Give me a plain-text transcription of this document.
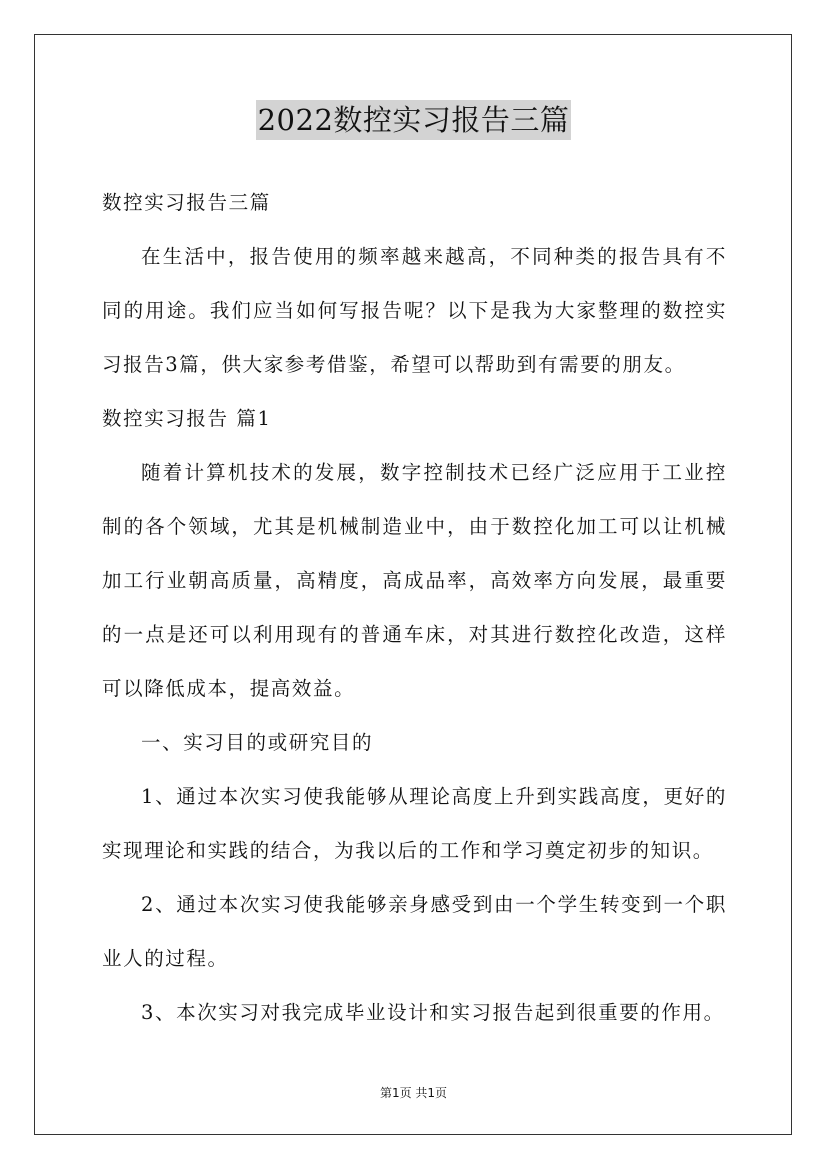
2022数控实习报告三篇

数控实习报告三篇

在生活中，报告使用的频率越来越高，不同种类的报告具有不同的用途。我们应当如何写报告呢？以下是我为大家整理的数控实习报告3篇，供大家参考借鉴，希望可以帮助到有需要的朋友。

数控实习报告 篇1

随着计算机技术的发展，数字控制技术已经广泛应用于工业控制的各个领域，尤其是机械制造业中，由于数控化加工可以让机械加工行业朝高质量，高精度，高成品率，高效率方向发展，最重要的一点是还可以利用现有的普通车床，对其进行数控化改造，这样可以降低成本，提高效益。

一、实习目的或研究目的

1、通过本次实习使我能够从理论高度上升到实践高度，更好的实现理论和实践的结合，为我以后的工作和学习奠定初步的知识。

2、通过本次实习使我能够亲身感受到由一个学生转变到一个职业人的过程。

3、本次实习对我完成毕业设计和实习报告起到很重要的作用。

第1页 共1页
